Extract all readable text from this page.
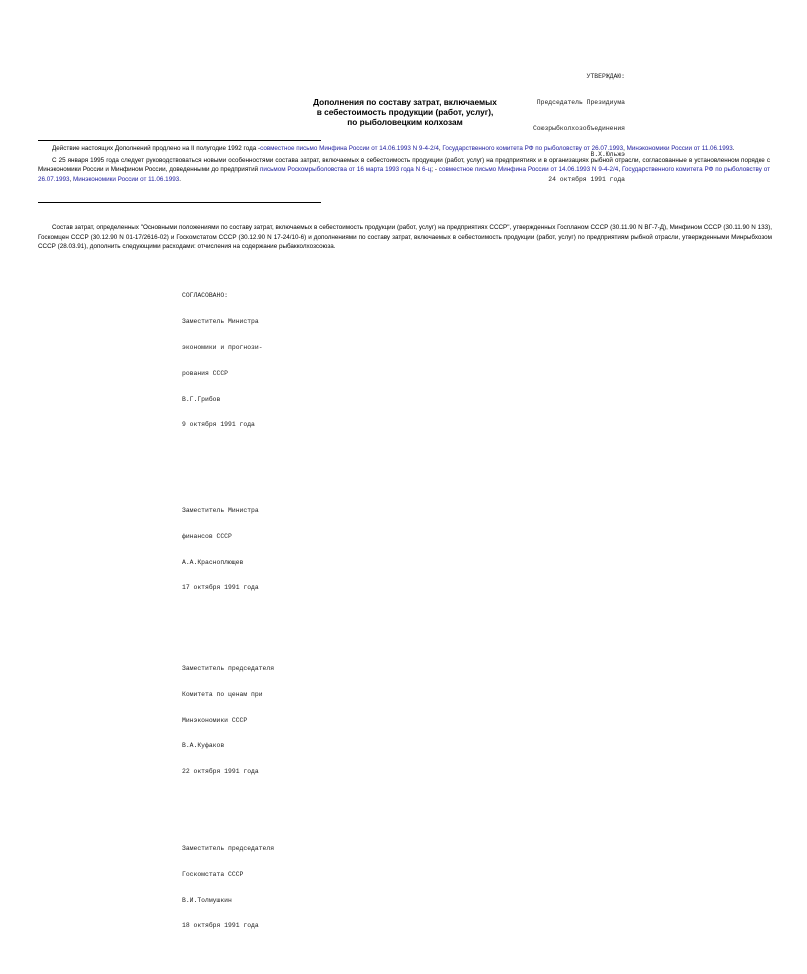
УТВЕРЖДАЮ:

Председатель Президиума

Союзрыбколхозобъединения

В.Х.Юльжэ

24 октября 1991 года

Дополнения по составу затрат, включаемых
в себестоимость продукции (работ, услуг),
по рыболовецким колхозам

Действие настоящих Дополнений продлено на II полугодие 1992 года -совместное письмо Минфина России от 14.06.1993 N 9-4-2/4, Государственного комитета РФ по рыболовству от 26.07.1993, Минэкономики России от 11.06.1993.

С 25 января 1995 года следует руководствоваться новыми особенностями состава затрат, включаемых в себестоимость продукции (работ, услуг) на предприятиях и в организациях рыбной отрасли, согласованные в установленном порядке с Минэкономики России и Минфином России, доведенными до предприятий письмом Роскомрыболовства от 16 марта 1993 года N 6-ц; - совместное письмо Минфина России от 14.06.1993 N 9-4-2/4, Государственного комитета РФ по рыболовству от 26.07.1993, Минэкономики России от 11.06.1993.

Состав затрат, определенных "Основными положениями по составу затрат, включаемых в себестоимость продукции (работ, услуг) на предприятиях СССР", утвержденных Госпланом СССР (30.11.90 N ВГ-7-Д), Минфином СССР (30.11.90 N 133), Госкомцен СССР (30.12.90 N 01-17/2616-02) и Госкомстатом СССР (30.12.90 N 17-24/10-6) и дополнениями по составу затрат, включаемых в себестоимость продукции (работ, услуг) по предприятиям рыбной отрасли, утвержденными Минрыбхозом СССР (28.03.91), дополнить следующими расходами: отчисления на содержание рыбакколхозсоюза.

СОГЛАСОВАНО:

Заместитель Министра

экономики и прогнози-

рования СССР

В.Г.Грибов

9 октября 1991 года

Заместитель Министра

финансов СССР

А.А.Красноплющев

17 октября 1991 года

Заместитель председателя

Комитета по ценам при

Минэкономики СССР

В.А.Куфаков

22 октября 1991 года

Заместитель председателя

Госкомстата СССР

В.И.Толмушкин

18 октября 1991 года
